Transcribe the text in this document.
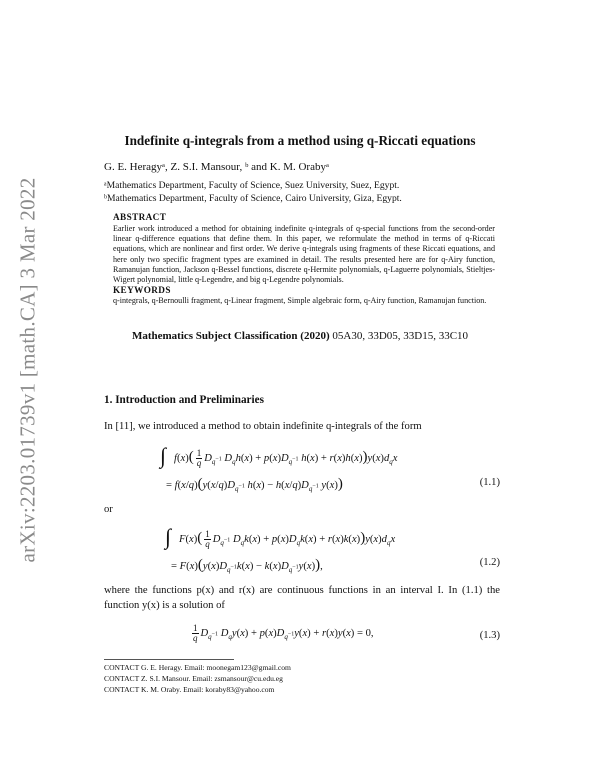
arXiv:2203.01739v1 [math.CA] 3 Mar 2022
Indefinite q-integrals from a method using q-Riccati equations
G. E. Heragyᵃ, Z. S.I. Mansour, ᵇ and K. M. Orabyᵃ
ᵃMathematics Department, Faculty of Science, Suez University, Suez, Egypt.
ᵇMathematics Department, Faculty of Science, Cairo University, Giza, Egypt.
ABSTRACT
Earlier work introduced a method for obtaining indefinite q-integrals of q-special functions from the second-order linear q-difference equations that define them. In this paper, we reformulate the method in terms of q-Riccati equations, which are nonlinear and first order. We derive q-integrals using fragments of these Riccati equations, and here only two specific fragment types are examined in detail. The results presented here are for q-Airy function, Ramanujan function, Jackson q-Bessel functions, discrete q-Hermite polynomials, q-Laguerre polynomials, Stieltjes-Wigert polynomial, little q-Legendre, and big q-Legendre polynomials.
KEYWORDS
q-integrals, q-Bernoulli fragment, q-Linear fragment, Simple algebraic form, q-Airy function, Ramanujan function.
Mathematics Subject Classification (2020) 05A30, 33D05, 33D15, 33C10
1. Introduction and Preliminaries
In [11], we introduced a method to obtain indefinite q-integrals of the form
∫ $f(x)( \frac{1}{q} D_{q^{-1}}$ $D_qh(x) + p(x)D_{q^{-1}}$ $h(x) + r(x)h(x))y(x)d_qx$
= $f(x/q)(y(x/q)D_{q^{-1}}$ $h(x) - h(x/q)D_{q^{-1}}$ y(x))	(1.1)
or
∫ $F(x)( \frac{1}{q} D_{q^{-1}}$ $D_qk(x) + p(x)D_qk(x) + r(x)k(x))y(x)d_qx$
= $F(x)(y(x)D_{q^{-1}}k(x) - k(x)D_{q^{-1}}y(x))$,	(1.2)
where the functions p(x) and r(x) are continuous functions in an interval I. In (1.1) the function y(x) is a solution of
$\frac{1}{q} D_{q^{-1}}$ $D_qy(x) + p(x)D_{q^{-1}}y(x) + r(x)y(x) = 0$,	(1.3)
CONTACT G. E. Heragy. Email: moonegam123@gmail.com
CONTACT Z. S.I. Mansour. Email: zsmansour@cu.edu.eg
CONTACT K. M. Oraby. Email: koraby83@yahoo.com
